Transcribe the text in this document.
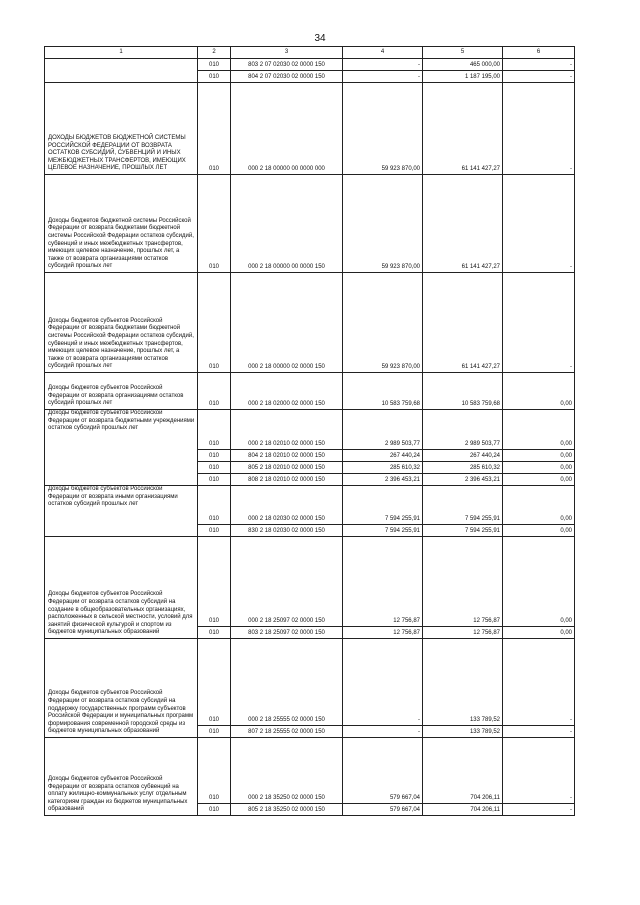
34
1	2	3	4	5	6
	010	803 2 07 02030 02 0000 150	-	465 000,00	-
	010	804 2 07 02030 02 0000 150	-	1 187 195,00	-
ДОХОДЫ БЮДЖЕТОВ БЮДЖЕТНОЙ СИСТЕМЫ РОССИЙСКОЙ ФЕДЕРАЦИИ ОТ ВОЗВРАТА ОСТАТКОВ СУБСИДИЙ, СУБВЕНЦИЙ И ИНЫХ МЕЖБЮДЖЕТНЫХ ТРАНСФЕРТОВ, ИМЕЮЩИХ ЦЕЛЕВОЕ НАЗНАЧЕНИЕ, ПРОШЛЫХ ЛЕТ	010	000 2 18 00000 00 0000 000	59 923 870,00	61 141 427,27	-
Доходы бюджетов бюджетной системы Российской Федерации от возврата бюджетами бюджетной системы Российской Федерации остатков субсидий, субвенций и иных межбюджетных трансфертов, имеющих целевое назначение, прошлых лет, а также от возврата организациями остатков субсидий прошлых лет	010	000 2 18 00000 00 0000 150	59 923 870,00	61 141 427,27	-
Доходы бюджетов субъектов Российской Федерации от возврата бюджетами бюджетной системы Российской Федерации остатков субсидий, субвенций и иных межбюджетных трансфертов, имеющих целевое назначение, прошлых лет, а также от возврата организациями остатков субсидий прошлых лет	010	000 2 18 00000 02 0000 150	59 923 870,00	61 141 427,27	-
Доходы бюджетов субъектов Российской Федерации от возврата организациями остатков субсидий прошлых лет	010	000 2 18 02000 02 0000 150	10 583 759,68	10 583 759,68	0,00
Доходы бюджетов субъектов Российской Федерации от возврата бюджетными учреждениями остатков субсидий прошлых лет	010	000 2 18 02010 02 0000 150	2 989 503,77	2 989 503,77	0,00
	010	804 2 18 02010 02 0000 150	267 440,24	267 440,24	0,00
	010	805 2 18 02010 02 0000 150	285 610,32	285 610,32	0,00
	010	808 2 18 02010 02 0000 150	2 396 453,21	2 396 453,21	0,00
Доходы бюджетов субъектов Российской Федерации от возврата иными организациями остатков субсидий прошлых лет	010	000 2 18 02030 02 0000 150	7 594 255,91	7 594 255,91	0,00
	010	830 2 18 02030 02 0000 150	7 594 255,91	7 594 255,91	0,00
Доходы бюджетов субъектов Российской Федерации от возврата остатков субсидий на создание в общеобразовательных организациях, расположенных в сельской местности, условий для занятий физической культурой и спортом из бюджетов муниципальных образований	010	000 2 18 25097 02 0000 150	12 756,87	12 756,87	0,00
	010	803 2 18 25097 02 0000 150	12 756,87	12 756,87	0,00
Доходы бюджетов субъектов Российской Федерации от возврата остатков субсидий на поддержку государственных программ субъектов Российской Федерации и муниципальных программ формирования современной городской среды из бюджетов муниципальных образований	010	000 2 18 25555 02 0000 150	-	133 789,52	-
	010	807 2 18 25555 02 0000 150	-	133 789,52	-
Доходы бюджетов субъектов Российской Федерации от возврата остатков субвенций на оплату жилищно-коммунальных услуг отдельным категориям граждан из бюджетов муниципальных образований	010	000 2 18 35250 02 0000 150	579 667,04	704 206,11	-
	010	805 2 18 35250 02 0000 150	579 667,04	704 206,11	-
